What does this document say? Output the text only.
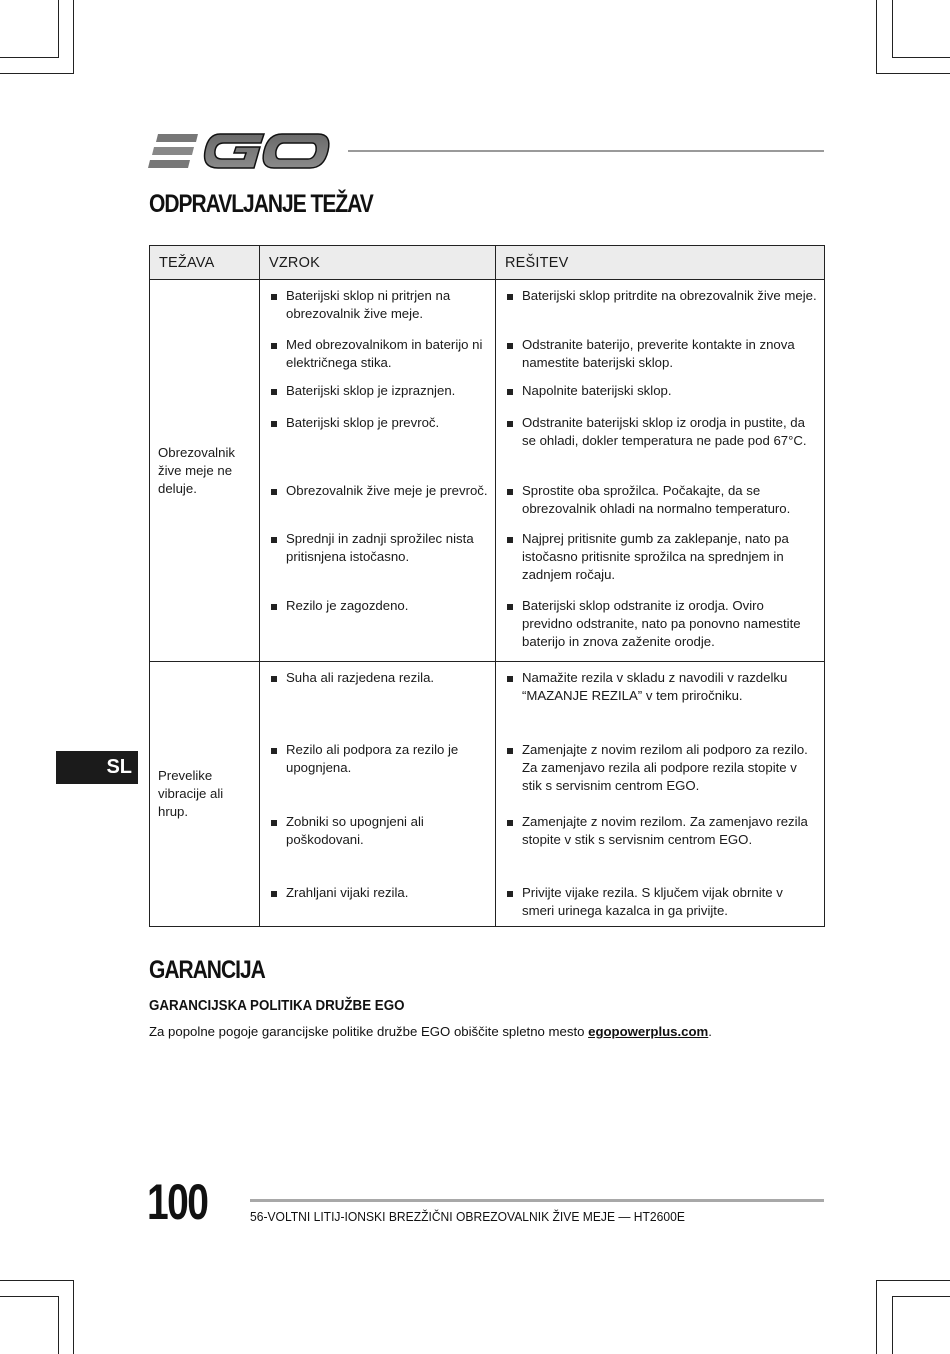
ODPRAVLJANJE TEŽAV
TEŽAVA	VZROK	REŠITEV
Obrezovalnik žive meje ne deluje.	Baterijski sklop ni pritrjen na obrezovalnik žive meje.	Baterijski sklop pritrdite na obrezovalnik žive meje.

	Med obrezovalnikom in baterijo ni električnega stika.	Odstranite baterijo, preverite kontakte in znova namestite baterijski sklop.

	Baterijski sklop je izpraznjen.	Napolnite baterijski sklop.

	Baterijski sklop je prevroč.	Odstranite baterijski sklop iz orodja in pustite, da se ohladi, dokler temperatura ne pade pod 67°C.

	Obrezovalnik žive meje je prevroč.	Sprostite oba sprožilca. Počakajte, da se obrezovalnik ohladi na normalno temperaturo.

	Sprednji in zadnji sprožilec nista pritisnjena istočasno.	Najprej pritisnite gumb za zaklepanje, nato pa istočasno pritisnite sprožilca na sprednjem in zadnjem ročaju.

	Rezilo je zagozdeno.	Baterijski sklop odstranite iz orodja. Oviro previdno odstranite, nato pa ponovno namestite baterijo in znova zaženite orodje.

Prevelike vibracije ali hrup.	Suha ali razjedena rezila.	Namažite rezila v skladu z navodili v razdelku “MAZANJE REZILA” v tem priročniku.

	Rezilo ali podpora za rezilo je upognjena.	Zamenjajte z novim rezilom ali podporo za rezilo. Za zamenjavo rezila ali podpore rezila stopite v stik s servisnim centrom EGO.

	Zobniki so upognjeni ali poškodovani.	Zamenjajte z novim rezilom. Za zamenjavo rezila stopite v stik s servisnim centrom EGO.

	Zrahljani vijaki rezila.	Privijte vijake rezila. S ključem vijak obrnite v smeri urinega kazalca in ga privijte.
SL
GARANCIJA
GARANCIJSKA POLITIKA DRUŽBE EGO

Za popolne pogoje garancijske politike družbe EGO obiščite spletno mesto egopowerplus.com.

100	56-VOLTNI LITIJ-IONSKI BREZŽIČNI OBREZOVALNIK ŽIVE MEJE — HT2600E
